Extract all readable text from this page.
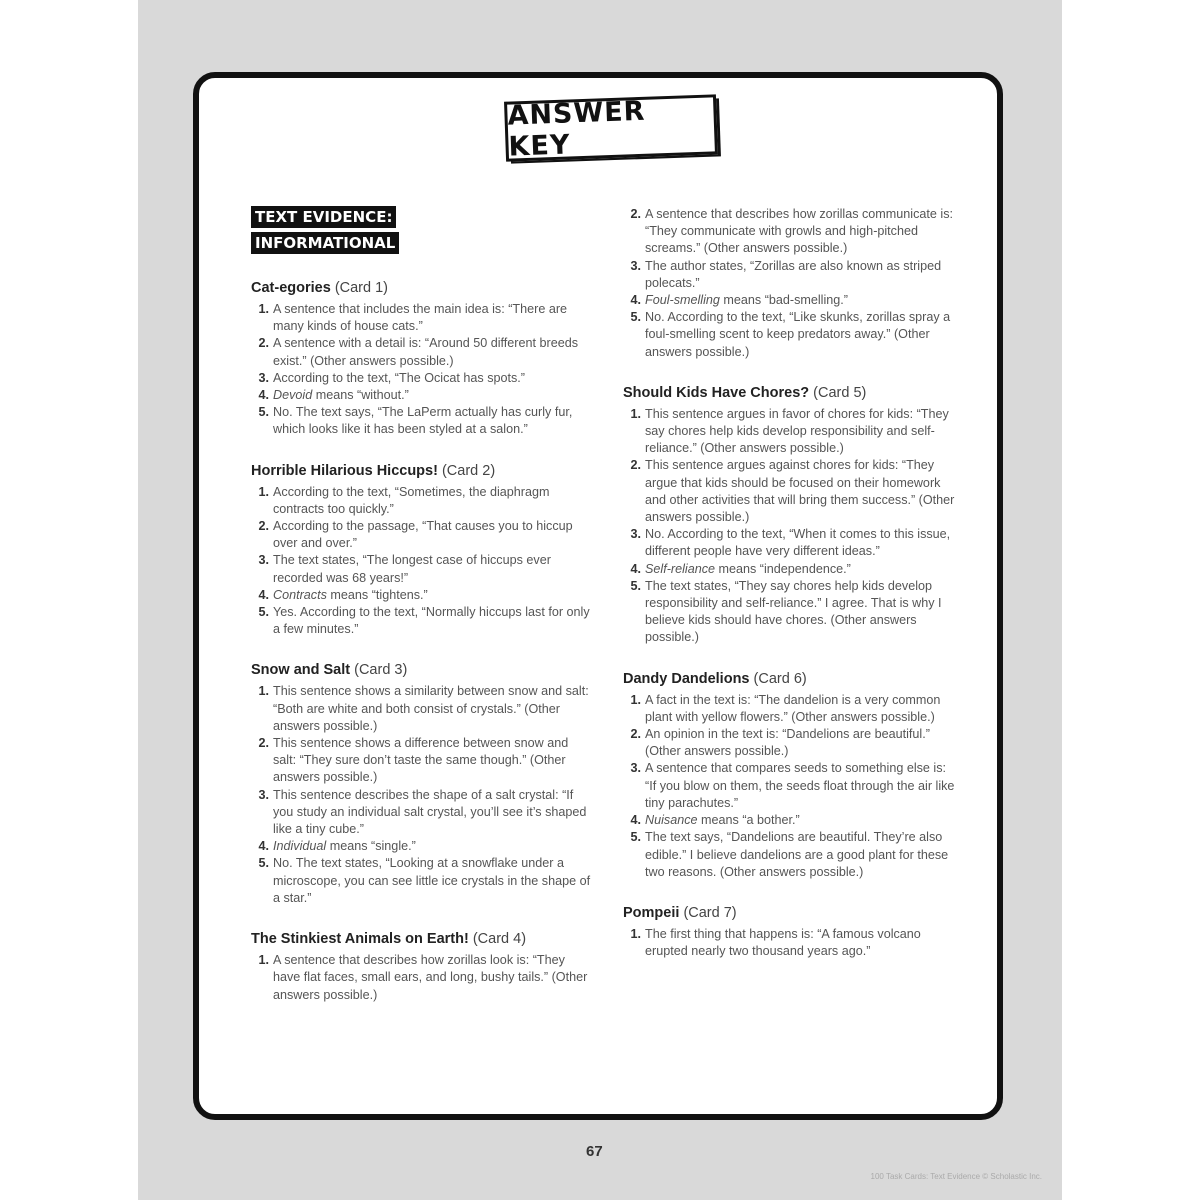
ANSWER KEY
TEXT EVIDENCE:
INFORMATIONAL
Cat-egories (Card 1)
1. A sentence that includes the main idea is: “There are many kinds of house cats.”
2. A sentence with a detail is: “Around 50 different breeds exist.” (Other answers possible.)
3. According to the text, “The Ocicat has spots.”
4. Devoid means “without.”
5. No. The text says, “The LaPerm actually has curly fur, which looks like it has been styled at a salon.”
Horrible Hilarious Hiccups! (Card 2)
1. According to the text, “Sometimes, the diaphragm contracts too quickly.”
2. According to the passage, “That causes you to hiccup over and over.”
3. The text states, “The longest case of hiccups ever recorded was 68 years!”
4. Contracts means “tightens.”
5. Yes. According to the text, “Normally hiccups last for only a few minutes.”
Snow and Salt (Card 3)
1. This sentence shows a similarity between snow and salt: “Both are white and both consist of crystals.” (Other answers possible.)
2. This sentence shows a difference between snow and salt: “They sure don’t taste the same though.” (Other answers possible.)
3. This sentence describes the shape of a salt crystal: “If you study an individual salt crystal, you’ll see it’s shaped like a tiny cube.”
4. Individual means “single.”
5. No. The text states, “Looking at a snowflake under a microscope, you can see little ice crystals in the shape of a star.”
The Stinkiest Animals on Earth! (Card 4)
1. A sentence that describes how zorillas look is: “They have flat faces, small ears, and long, bushy tails.” (Other answers possible.)
2. A sentence that describes how zorillas communicate is: “They communicate with growls and high-pitched screams.” (Other answers possible.)
3. The author states, “Zorillas are also known as striped polecats.”
4. Foul-smelling means “bad-smelling.”
5. No. According to the text, “Like skunks, zorillas spray a foul-smelling scent to keep predators away.” (Other answers possible.)
Should Kids Have Chores? (Card 5)
1. This sentence argues in favor of chores for kids: “They say chores help kids develop responsibility and self-reliance.” (Other answers possible.)
2. This sentence argues against chores for kids: “They argue that kids should be focused on their homework and other activities that will bring them success.” (Other answers possible.)
3. No. According to the text, “When it comes to this issue, different people have very different ideas.”
4. Self-reliance means “independence.”
5. The text states, “They say chores help kids develop responsibility and self-reliance.” I agree. That is why I believe kids should have chores. (Other answers possible.)
Dandy Dandelions (Card 6)
1. A fact in the text is: “The dandelion is a very common plant with yellow flowers.” (Other answers possible.)
2. An opinion in the text is: “Dandelions are beautiful.” (Other answers possible.)
3. A sentence that compares seeds to something else is: “If you blow on them, the seeds float through the air like tiny parachutes.”
4. Nuisance means “a bother.”
5. The text says, “Dandelions are beautiful. They’re also edible.” I believe dandelions are a good plant for these two reasons. (Other answers possible.)
Pompeii (Card 7)
1. The first thing that happens is: “A famous volcano erupted nearly two thousand years ago.”
67
100 Task Cards: Text Evidence © Scholastic Inc.
